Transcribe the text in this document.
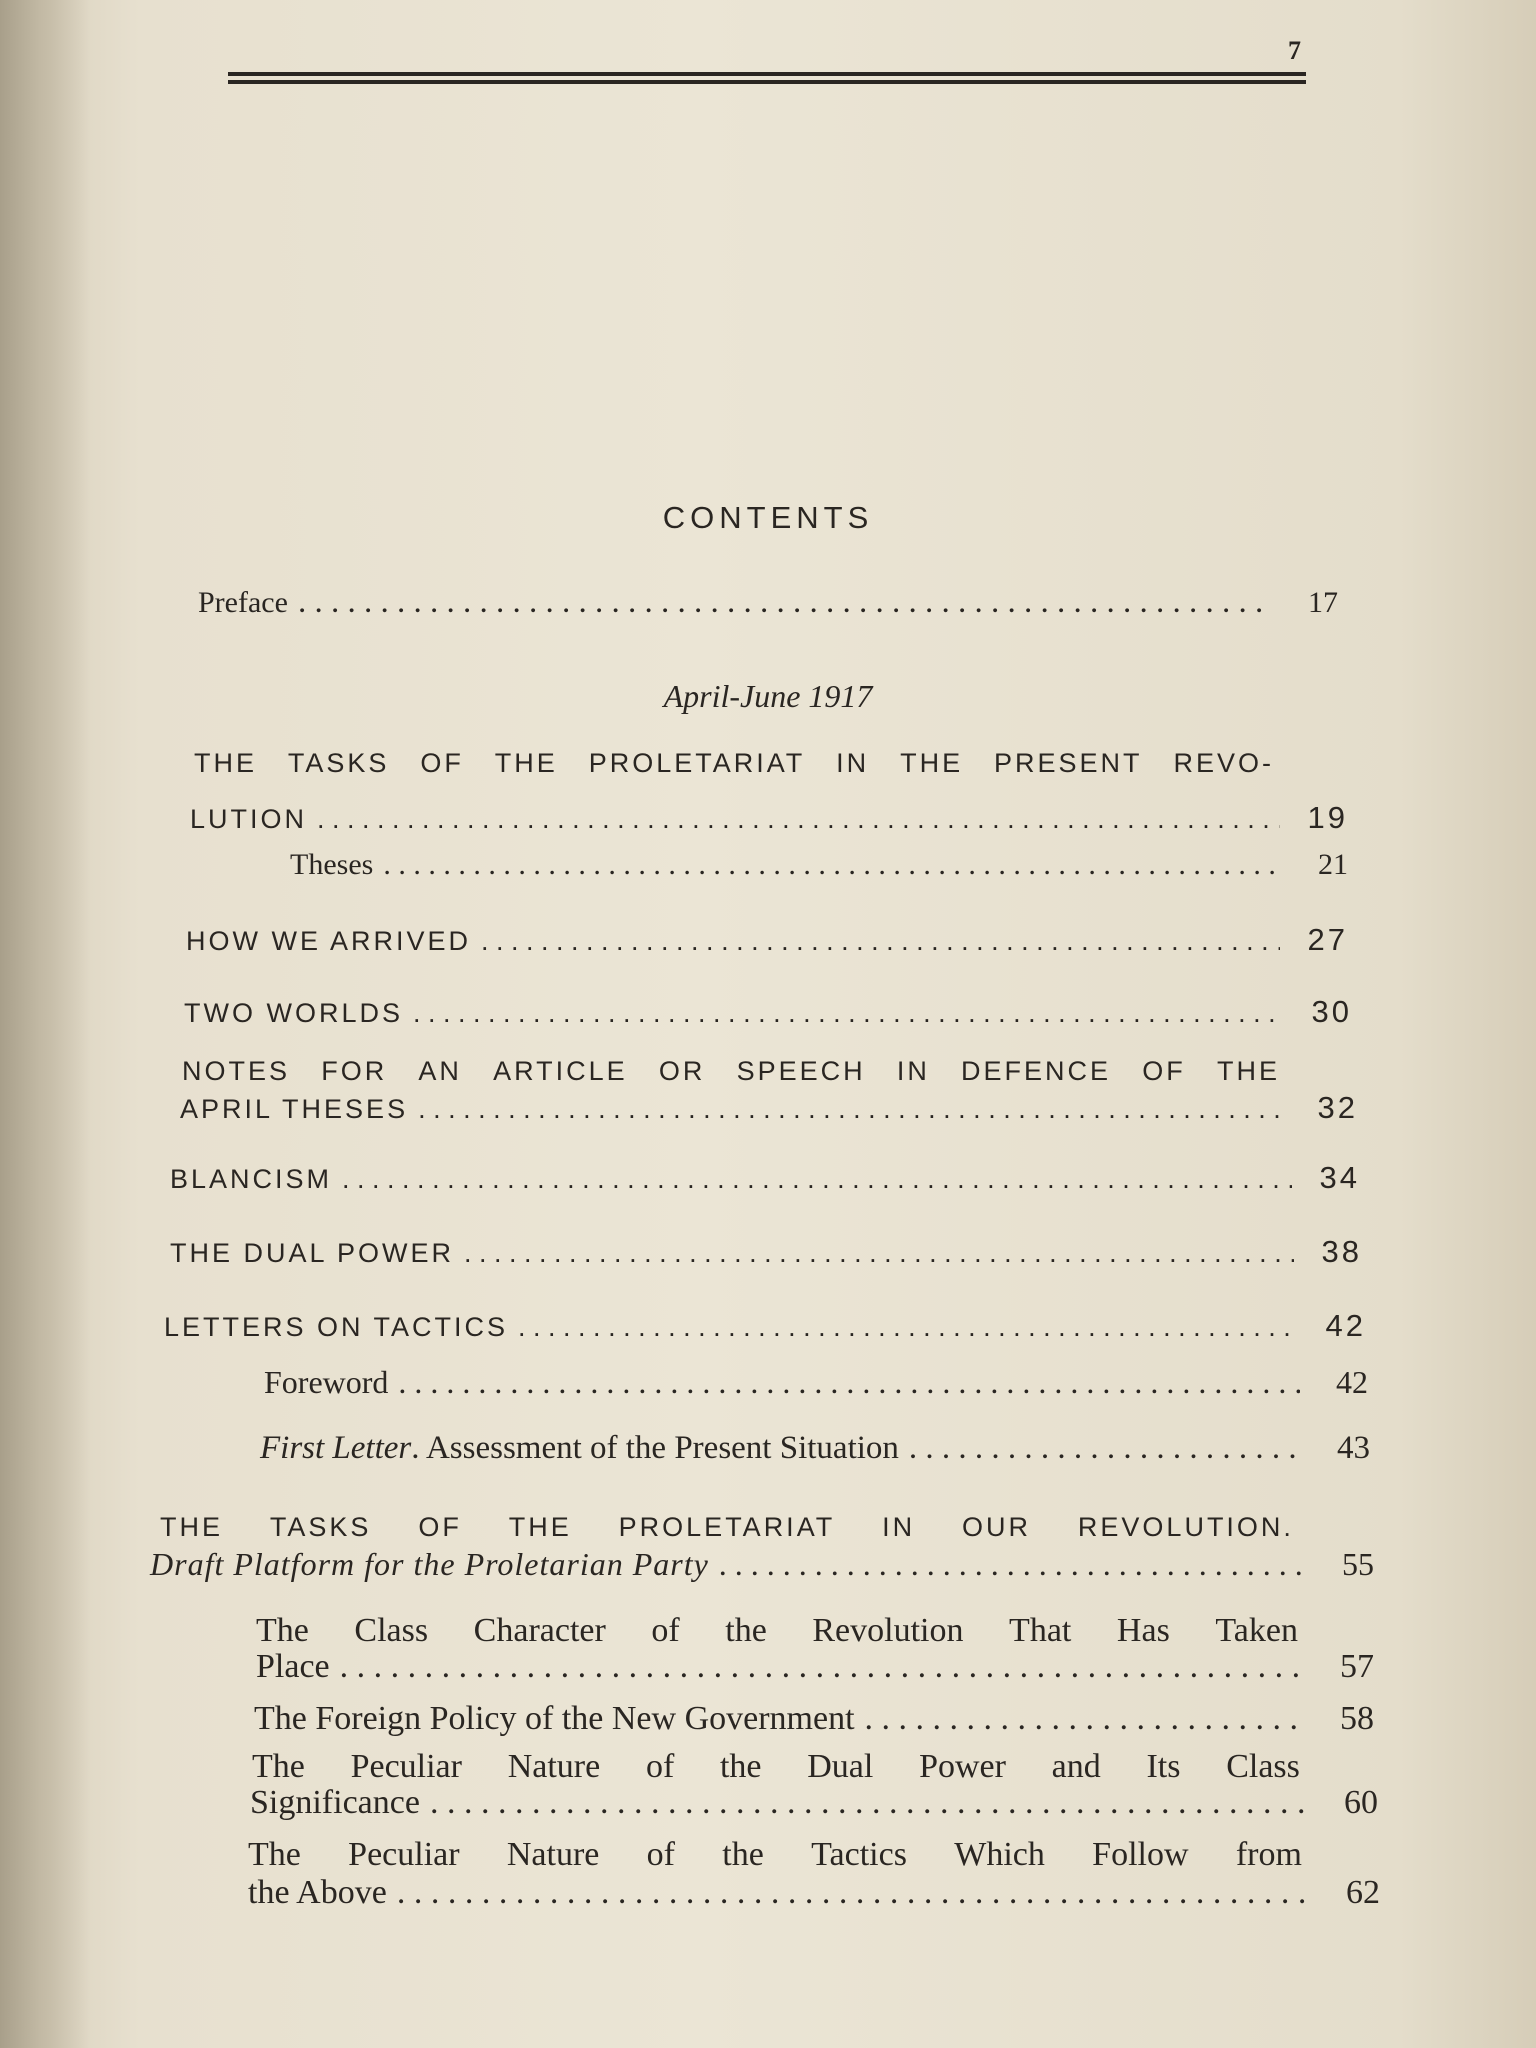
7
CONTENTS
Preface . . .	17
April-June 1917
THE TASKS OF THE PROLETARIAT IN THE PRESENT REVO-
LUTION . . .	19
Theses . . .	21
HOW WE ARRIVED . . .	27
TWO WORLDS . . .	30
NOTES FOR AN ARTICLE OR SPEECH IN DEFENCE OF THE
APRIL THESES . . .	32
BLANCISM . . .	34
THE DUAL POWER . . .	38
LETTERS ON TACTICS . . .	42
Foreword . . .	42
First Letter. Assessment of the Present Situation . . .	43
THE TASKS OF THE PROLETARIAT IN OUR REVOLUTION.
Draft Platform for the Proletarian Party . . .	55
The Class Character of the Revolution That Has Taken
Place . . .	57
The Foreign Policy of the New Government . . .	58
The Peculiar Nature of the Dual Power and Its Class
Significance . . .	60
The Peculiar Nature of the Tactics Which Follow from
the Above . . .	62
